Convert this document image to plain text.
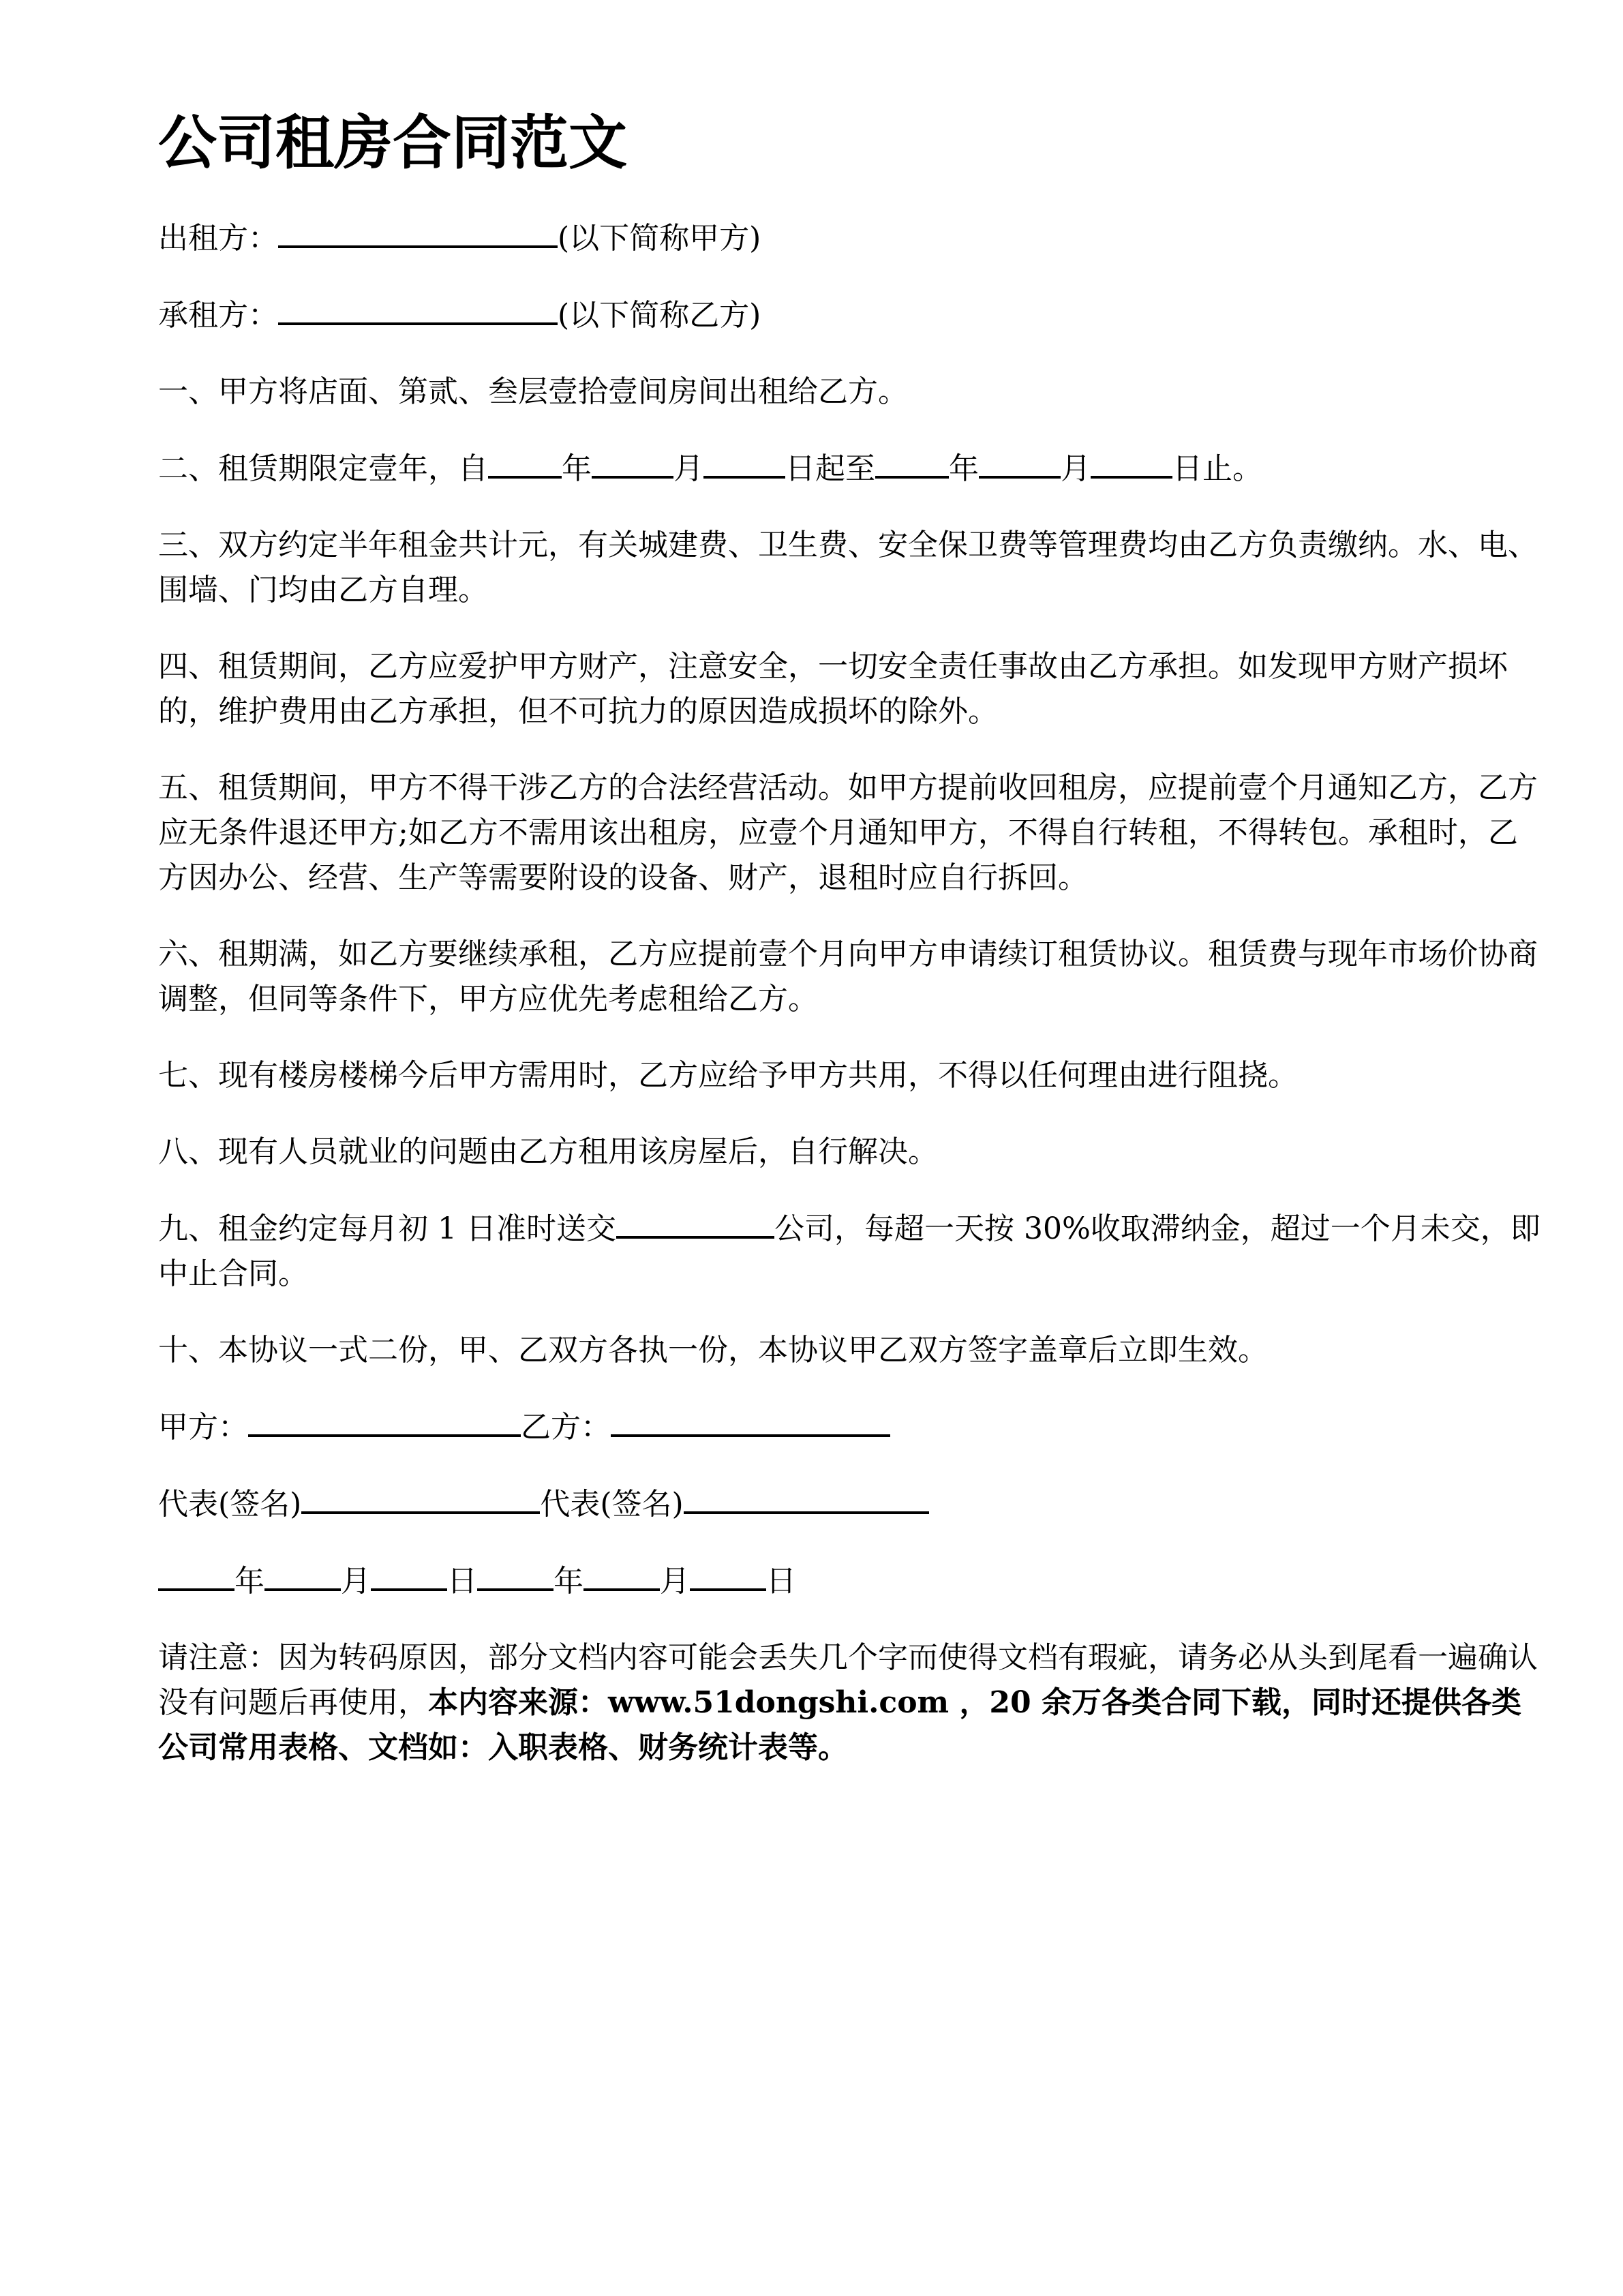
公司租房合同范文
出租方：	(以下简称甲方)
承租方：	(以下简称乙方)
一、甲方将店面、第贰、叁层壹拾壹间房间出租给乙方。
二、租赁期限定壹年，自 年	月	日起至 年	月	日止。
三、双方约定半年租金共计元，有关城建费、卫生费、安全保卫费等管理费均由乙方负责缴纳。水、电、围墙、门均由乙方自理。
四、租赁期间，乙方应爱护甲方财产，注意安全，一切安全责任事故由乙方承担。如发现甲方财产损坏的，维护费用由乙方承担，但不可抗力的原因造成损坏的除外。
五、租赁期间，甲方不得干涉乙方的合法经营活动。如甲方提前收回租房，应提前壹个月通知乙方，乙方应无条件退还甲方;如乙方不需用该出租房，应壹个月通知甲方，不得自行转租，不得转包。承租时，乙方因办公、经营、生产等需要附设的设备、财产，退租时应自行拆回。
六、租期满，如乙方要继续承租，乙方应提前壹个月向甲方申请续订租赁协议。租赁费与现年市场价协商调整，但同等条件下，甲方应优先考虑租给乙方。
七、现有楼房楼梯今后甲方需用时，乙方应给予甲方共用，不得以任何理由进行阻挠。
八、现有人员就业的问题由乙方租用该房屋后，自行解决。
九、租金约定每月初 1 日准时送交	公司，每超一天按 30%收取滞纳金，超过一个月未交，即中止合同。
十、本协议一式二份，甲、乙双方各执一份，本协议甲乙双方签字盖章后立即生效。
甲方：	乙方：
代表(签名)	代表(签名)
年	月	日	年	月	日
请注意：因为转码原因，部分文档内容可能会丢失几个字而使得文档有瑕疵，请务必从头到尾看一遍确认没有问题后再使用，本内容来源：www.51dongshi.com ，20 余万各类合同下载，同时还提供各类公司常用表格、文档如：入职表格、财务统计表等。
